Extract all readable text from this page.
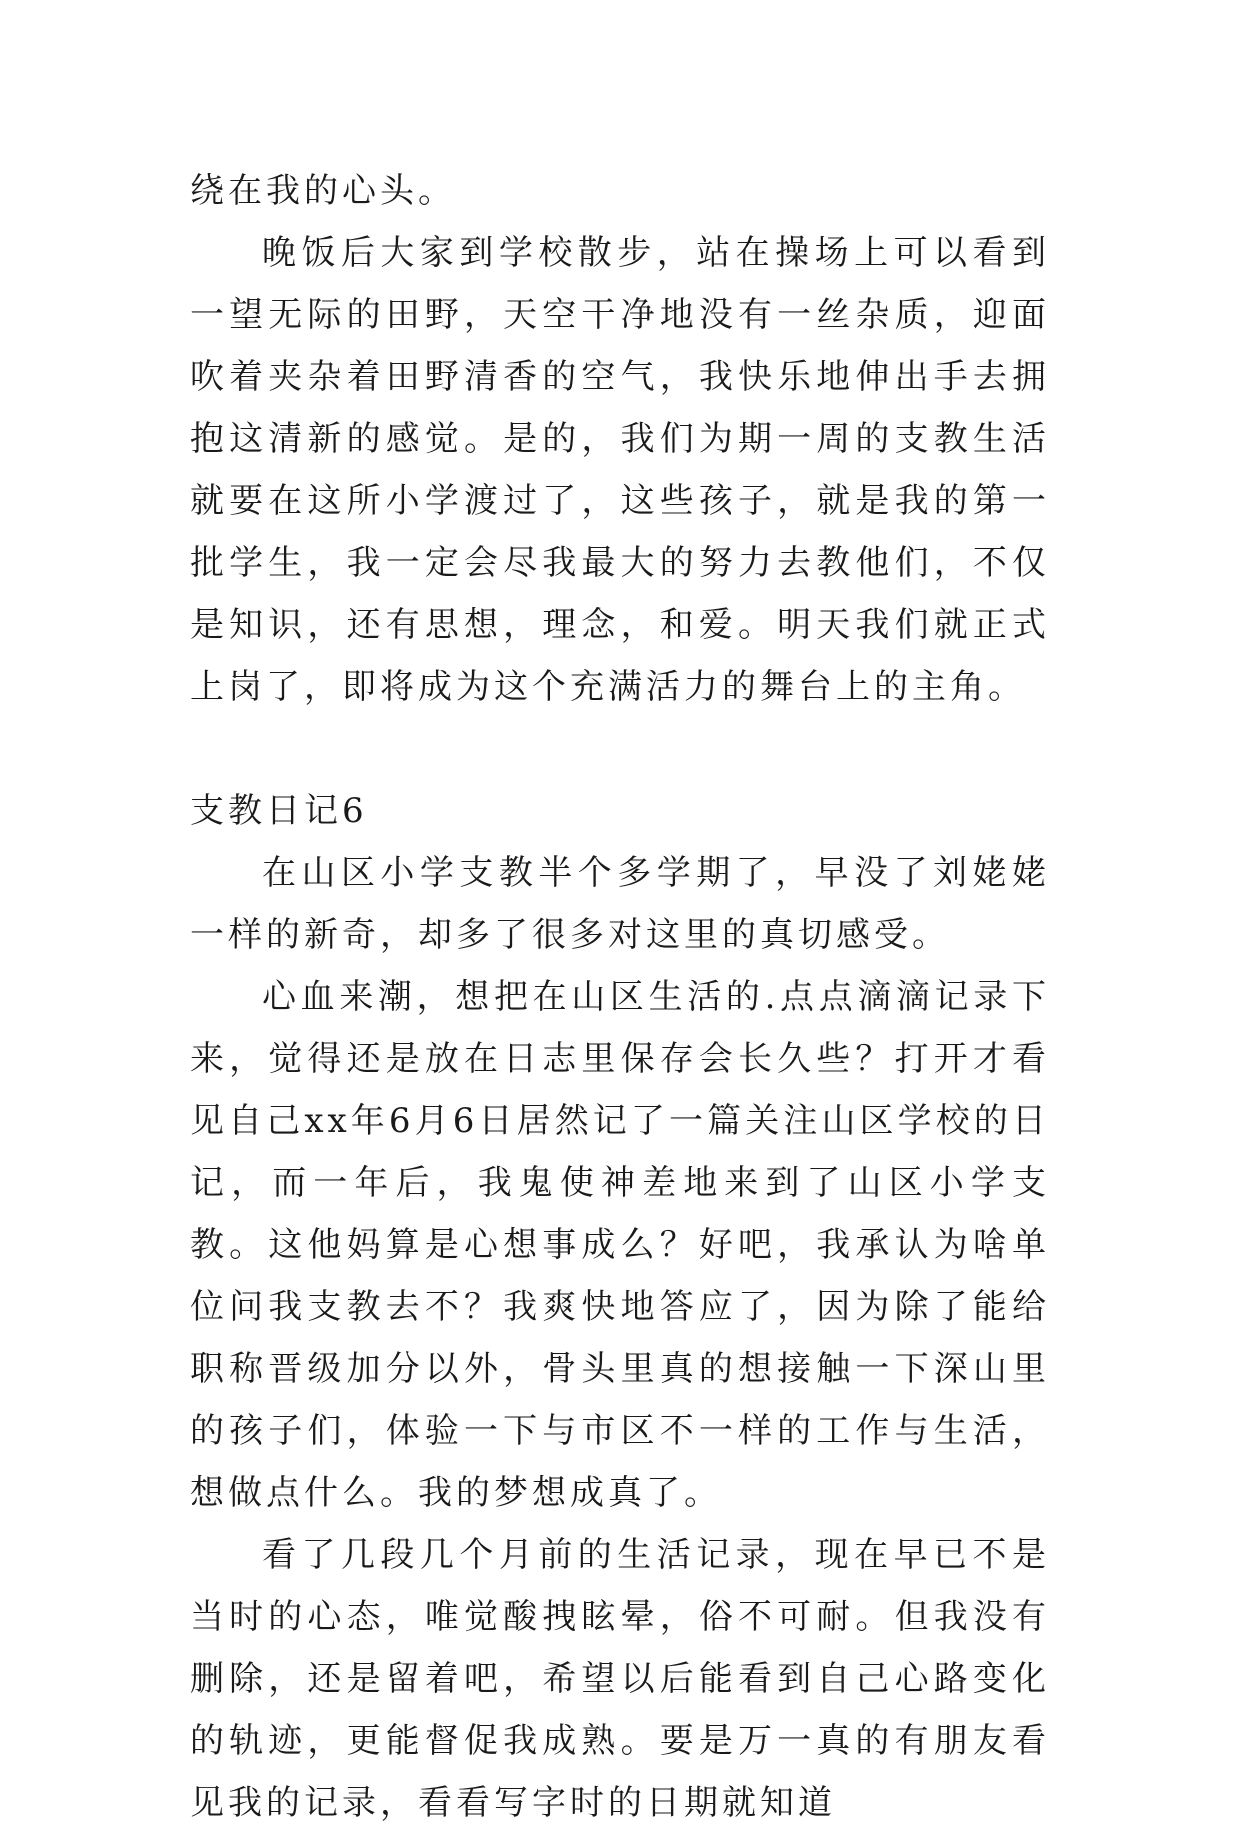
绕在我的心头。

晚饭后大家到学校散步，站在操场上可以看到一望无际的田野，天空干净地没有一丝杂质，迎面吹着夹杂着田野清香的空气，我快乐地伸出手去拥抱这清新的感觉。是的，我们为期一周的支教生活就要在这所小学渡过了，这些孩子，就是我的第一批学生，我一定会尽我最大的努力去教他们，不仅是知识，还有思想，理念，和爱。明天我们就正式上岗了，即将成为这个充满活力的舞台上的主角。

支教日记6

在山区小学支教半个多学期了，早没了刘姥姥一样的新奇，却多了很多对这里的真切感受。

心血来潮，想把在山区生活的.点点滴滴记录下来，觉得还是放在日志里保存会长久些？打开才看见自己xx年6月6日居然记了一篇关注山区学校的日记，而一年后，我鬼使神差地来到了山区小学支教。这他妈算是心想事成么？好吧，我承认为啥单位问我支教去不？我爽快地答应了，因为除了能给职称晋级加分以外，骨头里真的想接触一下深山里的孩子们，体验一下与市区不一样的工作与生活，想做点什么。我的梦想成真了。

看了几段几个月前的生活记录，现在早已不是当时的心态，唯觉酸拽眩晕，俗不可耐。但我没有删除，还是留着吧，希望以后能看到自己心路变化的轨迹，更能督促我成熟。要是万一真的有朋友看见我的记录，看看写字时的日期就知道
